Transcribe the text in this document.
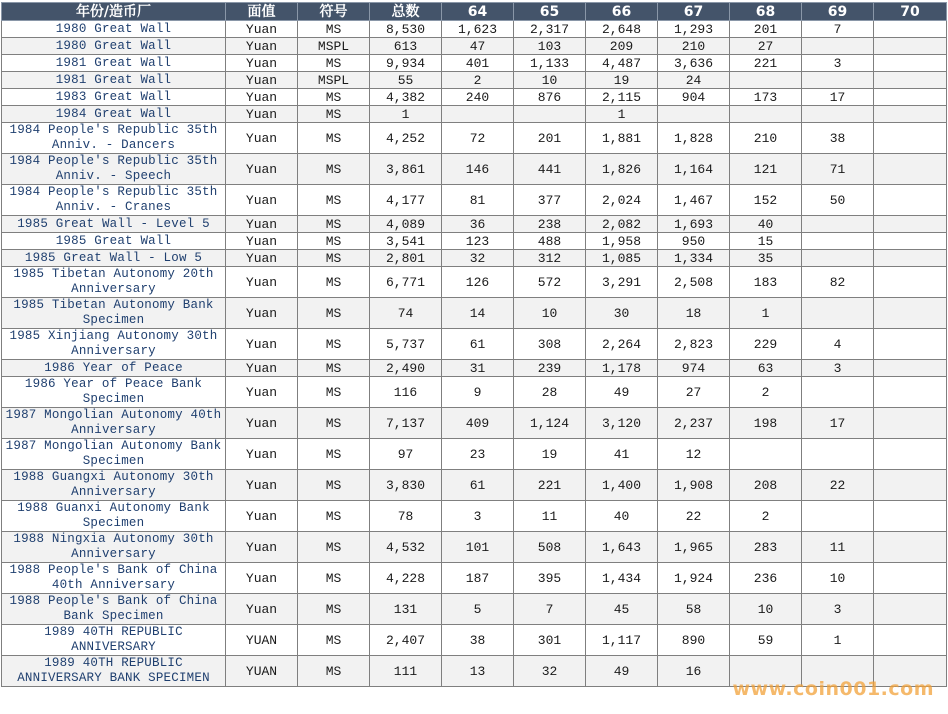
年份/造币厂	面值	符号	总数	64	65	66	67	68	69	70
1980 Great Wall	Yuan	MS	8,530	1,623	2,317	2,648	1,293	201	7	
1980 Great Wall	Yuan	MSPL	613	47	103	209	210	27		
1981 Great Wall	Yuan	MS	9,934	401	1,133	4,487	3,636	221	3	
1981 Great Wall	Yuan	MSPL	55	2	10	19	24			
1983 Great Wall	Yuan	MS	4,382	240	876	2,115	904	173	17	
1984 Great Wall	Yuan	MS	1			1				
1984 People's Republic 35th Anniv. - Dancers	Yuan	MS	4,252	72	201	1,881	1,828	210	38	
1984 People's Republic 35th Anniv. - Speech	Yuan	MS	3,861	146	441	1,826	1,164	121	71	
1984 People's Republic 35th Anniv. - Cranes	Yuan	MS	4,177	81	377	2,024	1,467	152	50	
1985 Great Wall - Level 5	Yuan	MS	4,089	36	238	2,082	1,693	40		
1985 Great Wall	Yuan	MS	3,541	123	488	1,958	950	15		
1985 Great Wall - Low 5	Yuan	MS	2,801	32	312	1,085	1,334	35		
1985 Tibetan Autonomy 20th Anniversary	Yuan	MS	6,771	126	572	3,291	2,508	183	82	
1985 Tibetan Autonomy Bank Specimen	Yuan	MS	74	14	10	30	18	1		
1985 Xinjiang Autonomy 30th Anniversary	Yuan	MS	5,737	61	308	2,264	2,823	229	4	
1986 Year of Peace	Yuan	MS	2,490	31	239	1,178	974	63	3	
1986 Year of Peace Bank Specimen	Yuan	MS	116	9	28	49	27	2		
1987 Mongolian Autonomy 40th Anniversary	Yuan	MS	7,137	409	1,124	3,120	2,237	198	17	
1987 Mongolian Autonomy Bank Specimen	Yuan	MS	97	23	19	41	12			
1988 Guangxi Autonomy 30th Anniversary	Yuan	MS	3,830	61	221	1,400	1,908	208	22	
1988 Guanxi Autonomy Bank Specimen	Yuan	MS	78	3	11	40	22	2		
1988 Ningxia Autonomy 30th Anniversary	Yuan	MS	4,532	101	508	1,643	1,965	283	11	
1988 People's Bank of China 40th Anniversary	Yuan	MS	4,228	187	395	1,434	1,924	236	10	
1988 People's Bank of China Bank Specimen	Yuan	MS	131	5	7	45	58	10	3	
1989 40TH REPUBLIC ANNIVERSARY	YUAN	MS	2,407	38	301	1,117	890	59	1	
1989 40TH REPUBLIC ANNIVERSARY BANK SPECIMEN	YUAN	MS	111	13	32	49	16			
www.coin001.com
